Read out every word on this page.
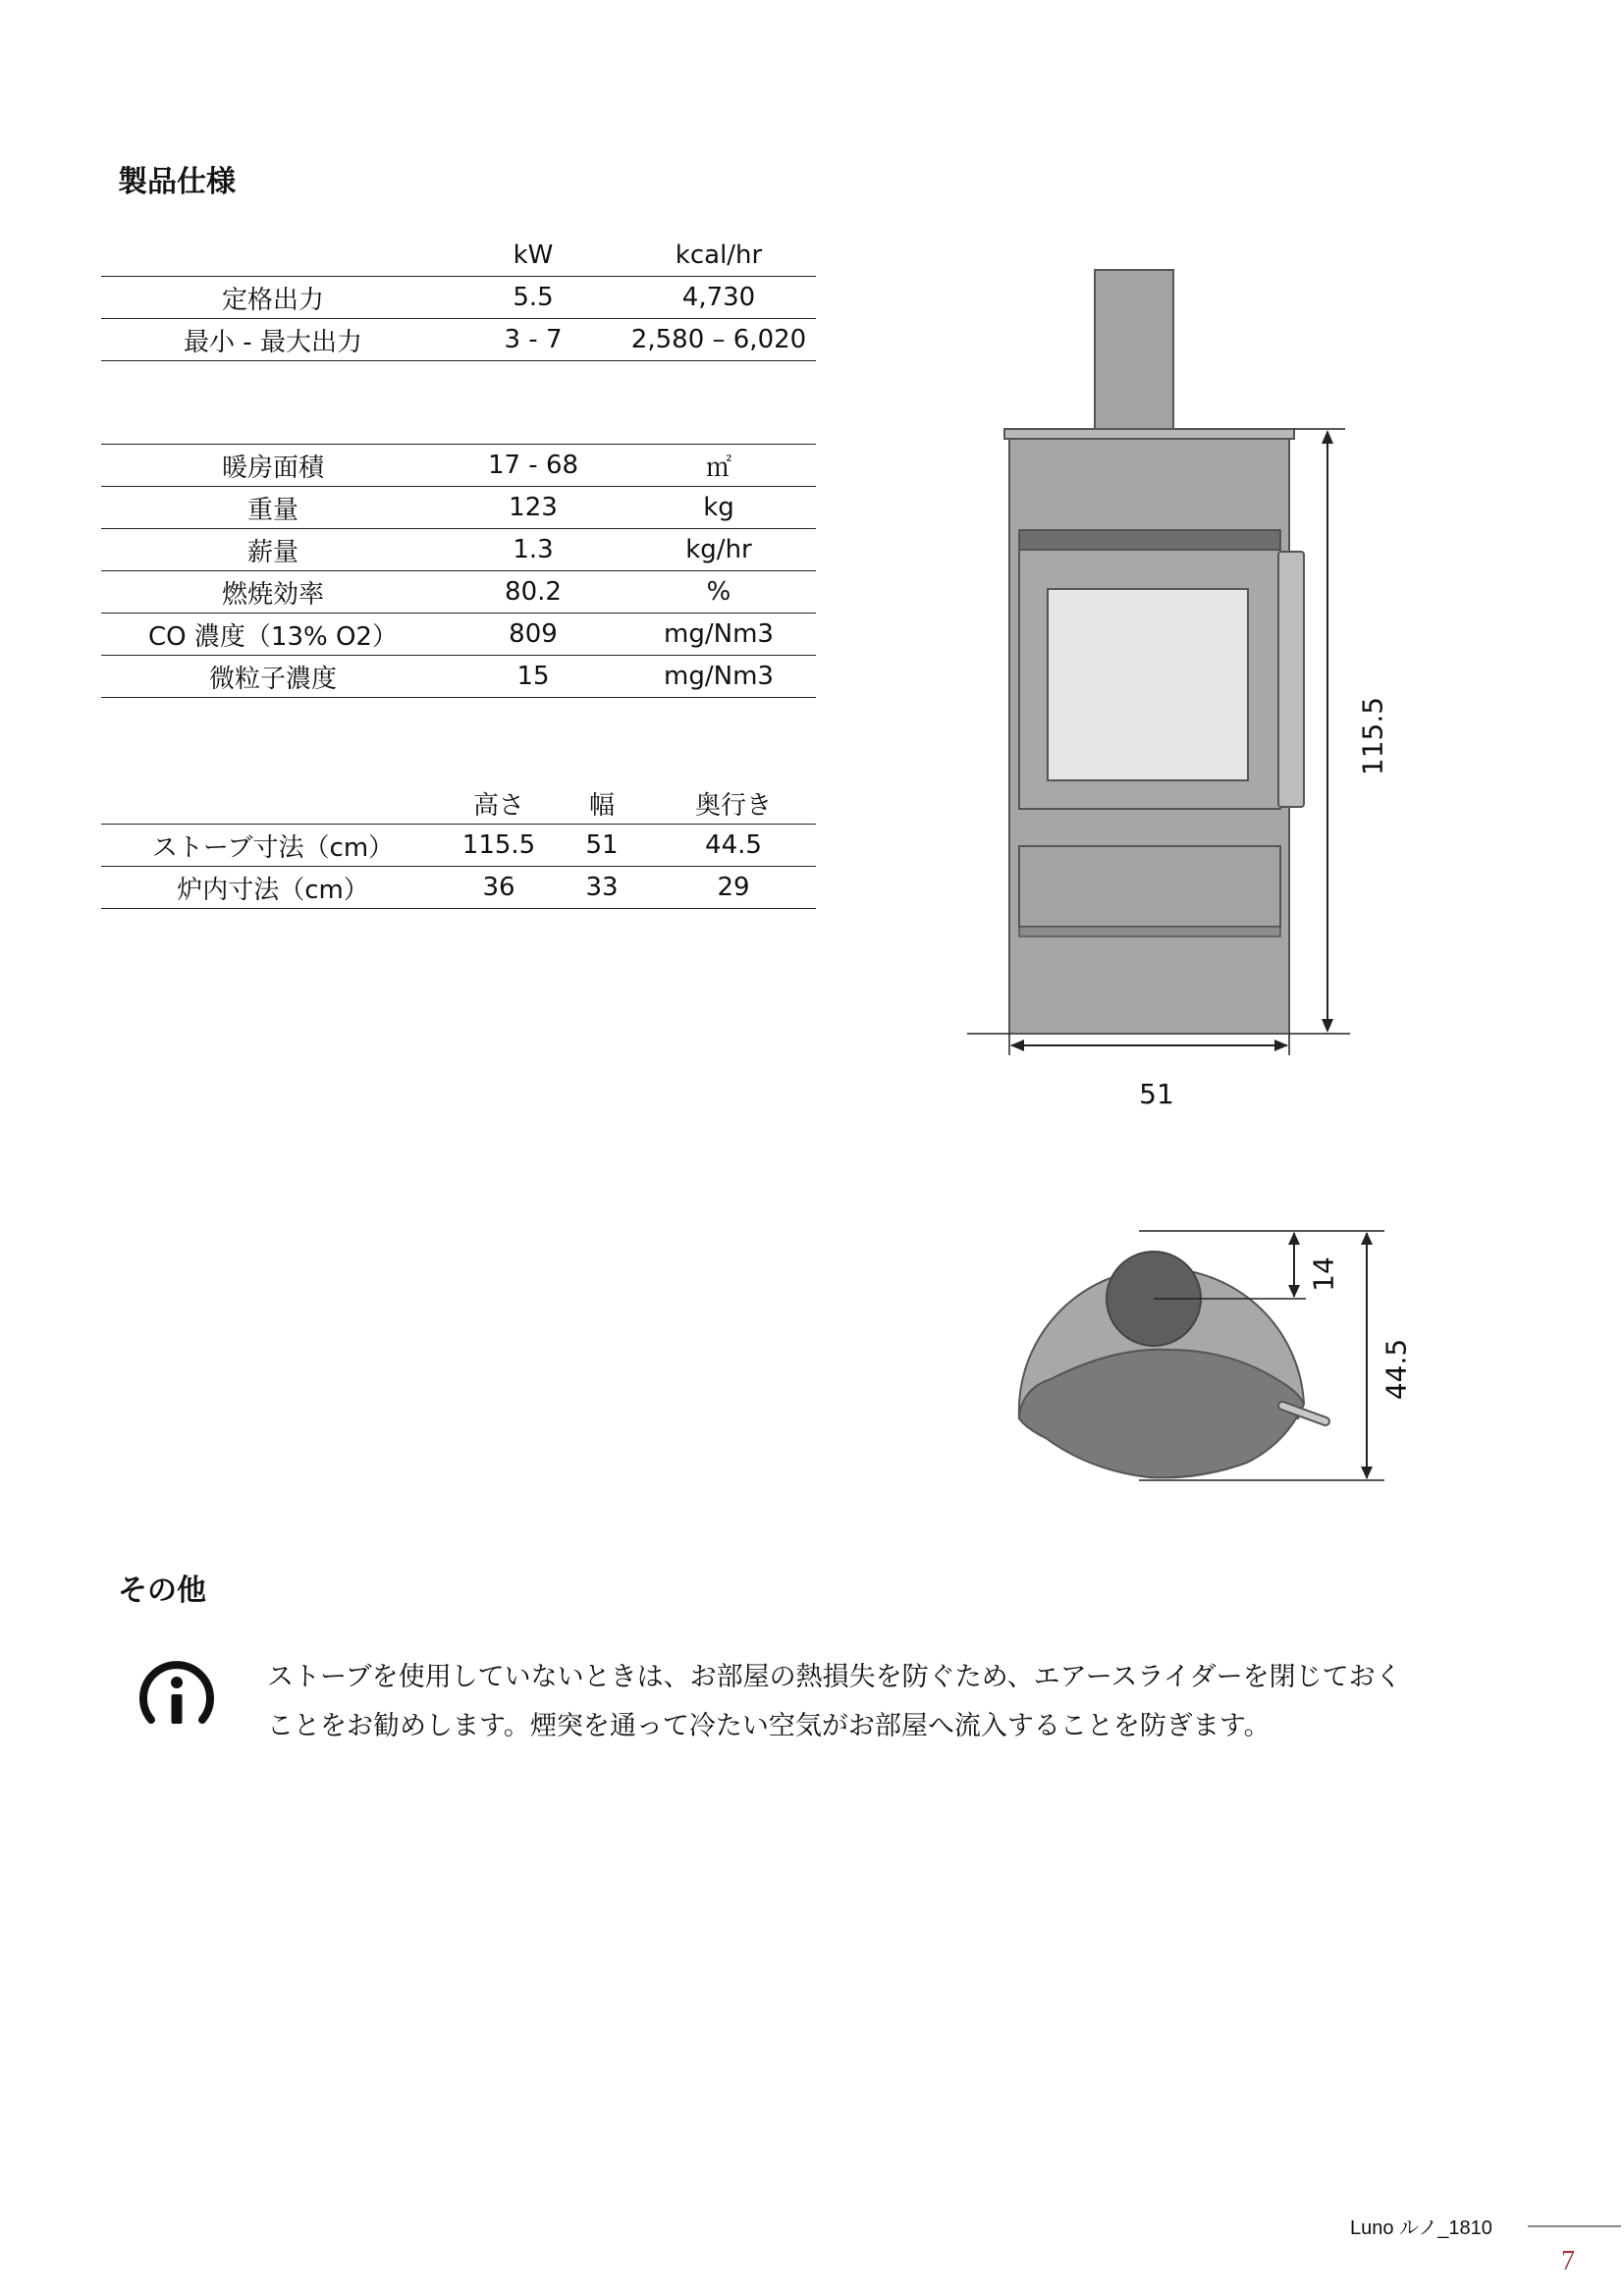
製品仕様
	kW	kcal/hr
定格出力	5.5	4,730
最小 - 最大出力	3 - 7	2,580 – 6,020
暖房面積	17 - 68	㎡
重量	123	kg
薪量	1.3	kg/hr
燃焼効率	80.2	%
CO 濃度（13% O2）	809	mg/Nm3
微粒子濃度	15	mg/Nm3
	高さ	幅	奥行き
ストーブ寸法（cm）	115.5	51	44.5
炉内寸法（cm）	36	33	29
115.5
51
14
44.5
その他
ストーブを使用していないときは、お部屋の熱損失を防ぐため、エアースライダーを閉じておく
ことをお勧めします。煙突を通って冷たい空気がお部屋へ流入することを防ぎます。
Luno ルノ_1810
7
